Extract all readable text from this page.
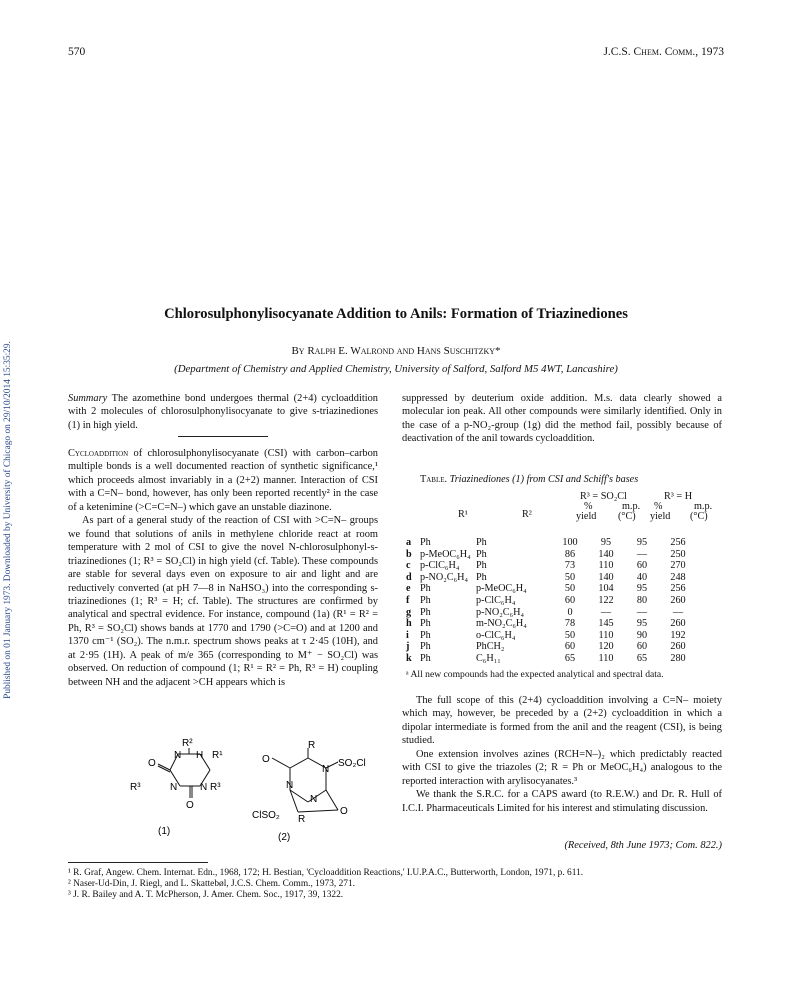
Published on 01 January 1973. Downloaded by University of Chicago on 29/10/2014 15:35:29.
570	J.C.S. Chem. Comm., 1973
Chlorosulphonylisocyanate Addition to Anils: Formation of Triazinediones
By Ralph E. Walrond and Hans Suschitzky*
(Department of Chemistry and Applied Chemistry, University of Salford, Salford M5 4WT, Lancashire)
Summary The azomethine bond undergoes thermal (2+4) cycloaddition with 2 molecules of chlorosulphonylisocyanate to give s-triazinediones (1) in high yield.

Cycloaddition of chlorosulphonylisocyanate (CSI) with carbon–carbon multiple bonds is a well documented reaction of synthetic significance,¹ which proceeds almost invariably in a (2+2) manner. Interaction of CSI with a C=N– bond, however, has only been reported recently² in the case of a ketenimine (>C=C=N–) which gave an unstable diazinone.

As part of a general study of the reaction of CSI with >C=N– groups we found that solutions of anils in methylene chloride react at room temperature with 2 mol of CSI to give the novel N-chlorosulphonyl-s-triazinediones (1; R³ = SO₂Cl) in high yield (cf. Table). These compounds are stable for several days even on exposure to air and light and are reductively converted (at pH 7—8 in NaHSO₃) into the corresponding s-triazinediones (1; R³ = H; cf. Table). The structures are confirmed by analytical and spectral evidence. For instance, compound (1a) (R¹ = R² = Ph, R³ = SO₂Cl) shows bands at 1770 and 1790 (>C=O) and at 1200 and 1370 cm⁻¹ (SO₂). The n.m.r. spectrum shows peaks at τ 2·45 (10H), and at 2·95 (1H). A peak of m/e 365 (corresponding to M⁺ − SO₂Cl) was observed. On reduction of compound (1; R¹ = R² = Ph, R³ = H) coupling between NH and the adjacent >CH appears which is

R²
H R¹
N
O
R³	N N R³
O
(1)
O
R
SO₂Cl
N
N
N
O
ClSO₂ R
(2)

suppressed by deuterium oxide addition. M.s. data clearly showed a molecular ion peak. All other compounds were similarly identified. Only in the case of a p-NO₂-group (1g) did the method fail, possibly because of deactivation of the anil towards cycloaddition.

Table. Triazinediones (1) from CSI and Schiff's bases
R³ = SO₂Cl	R³ = H
%	m.p. %	m.p.
R¹	R²	yield (°C) yield (°C)
a	Ph	Ph	100	95	95	256
b	p-MeOC₆H₄	Ph	86	140	—	250
c	p-ClC₆H₄	Ph	73	110	60	270
d	p-NO₂C₆H₄	Ph	50	140	40	248
e	Ph	p-MeOC₆H₄	50	104	95	256
f	Ph	p-ClC₆H₄	60	122	80	260
g	Ph	p-NO₂C₆H₄	0	—	—	—
h	Ph	m-NO₂C₆H₄	78	145	95	260
i	Ph	o-ClC₆H₄	50	110	90	192
j	Ph	PhCH₂	60	120	60	260
k	Ph	C₆H₁₁	65	110	65	280
ᵃ All new compounds had the expected analytical and spectral data.

The full scope of this (2+4) cycloaddition involving a C=N– moiety which may, however, be preceded by a (2+2) cycloaddition in which a dipolar intermediate is formed from the anil and the reagent (CSI), is being studied.

One extension involves azines (RCH=N–)₂ which predictably reacted with CSI to give the triazoles (2; R = Ph or MeOC₆H₄) analogous to the reported interaction with arylisocyanates.³

We thank the S.R.C. for a CAPS award (to R.E.W.) and Dr. R. Hull of I.C.I. Pharmaceuticals Limited for his interest and stimulating discussion.

(Received, 8th June 1973; Com. 822.)

¹ R. Graf, Angew. Chem. Internat. Edn., 1968, 172; H. Bestian, 'Cycloaddition Reactions,' I.U.P.A.C., Butterworth, London, 1971, p. 611.

² Naser-Ud-Din, J. Riegl, and L. Skattebøl, J.C.S. Chem. Comm., 1973, 271.

³ J. R. Bailey and A. T. McPherson, J. Amer. Chem. Soc., 1917, 39, 1322.
